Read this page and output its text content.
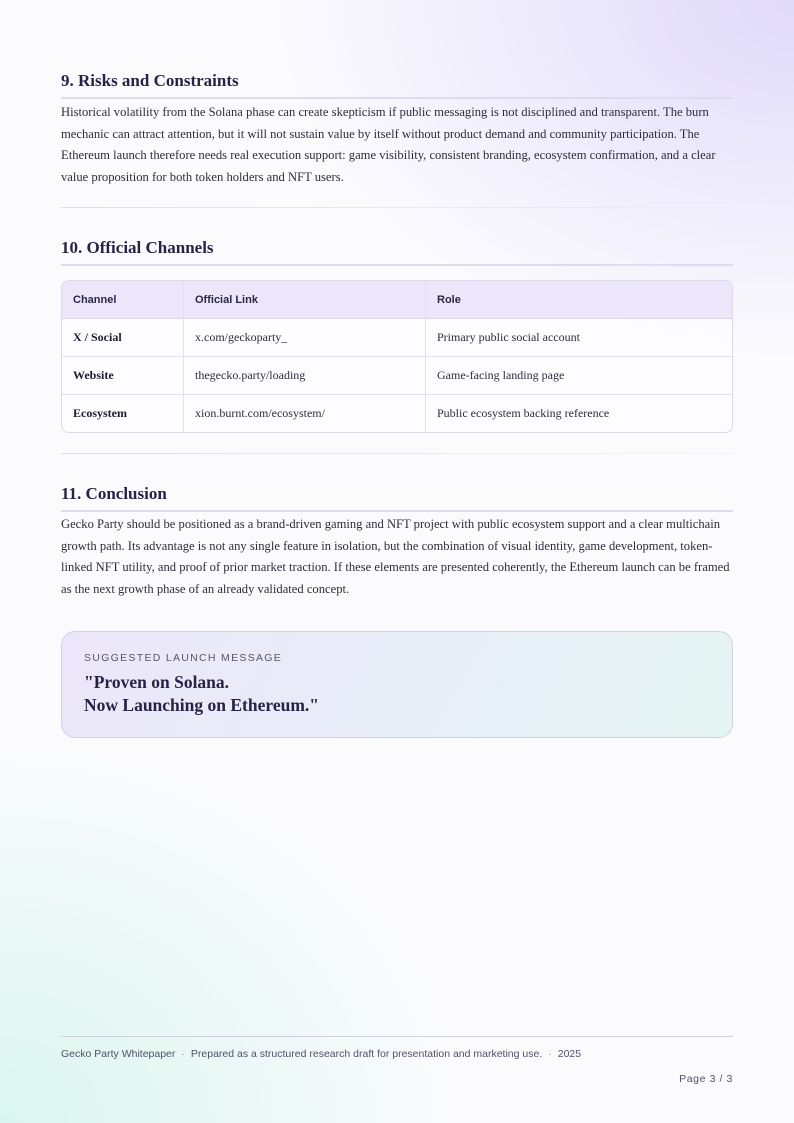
9. Risks and Constraints

Historical volatility from the Solana phase can create skepticism if public messaging is not disciplined and transparent. The burn mechanic can attract attention, but it will not sustain value by itself without product demand and community participation. The Ethereum launch therefore needs real execution support: game visibility, consistent branding, ecosystem confirmation, and a clear value proposition for both token holders and NFT users.

10. Official Channels
Channel	Official Link	Role
X / Social	x.com/geckoparty_	Primary public social account
Website	thegecko.party/loading	Game-facing landing page
Ecosystem	xion.burnt.com/ecosystem/	Public ecosystem backing reference
11. Conclusion

Gecko Party should be positioned as a brand-driven gaming and NFT project with public ecosystem support and a clear multichain growth path. Its advantage is not any single feature in isolation, but the combination of visual identity, game development, token-linked NFT utility, and proof of prior market traction. If these elements are presented coherently, the Ethereum launch can be framed as the next growth phase of an already validated concept.

SUGGESTED LAUNCH MESSAGE

"Proven on Solana.
Now Launching on Ethereum."

Gecko Party Whitepaper · Prepared as a structured research draft for presentation and marketing use. · 2025
Page 3 / 3
